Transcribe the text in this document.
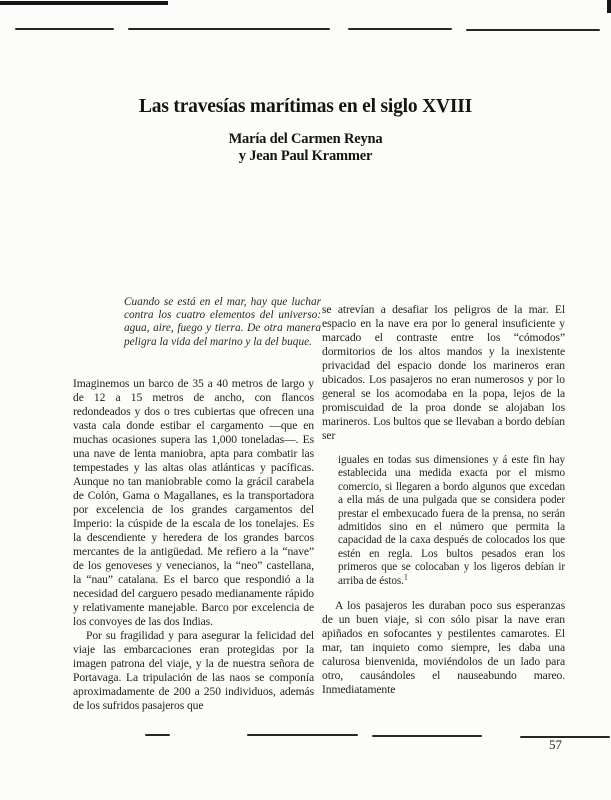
Las travesías marítimas en el siglo XVIII
María del Carmen Reyna
y Jean Paul Krammer
Cuando se está en el mar, hay que luchar contra los cuatro elementos del universo: agua, aire, fuego y tierra. De otra manera peligra la vida del marino y la del buque.

Imaginemos un barco de 35 a 40 metros de largo y de 12 a 15 metros de ancho, con flancos redondeados y dos o tres cubiertas que ofrecen una vasta cala donde estibar el cargamento —que en muchas ocasiones supera las 1,000 toneladas—. Es una nave de lenta maniobra, apta para combatir las tempestades y las altas olas atlánticas y pacíficas. Aunque no tan maniobrable como la grácil carabela de Colón, Gama o Magallanes, es la transportadora por excelencia de los grandes cargamentos del Imperio: la cúspide de la escala de los tonelajes. Es la descendiente y heredera de los grandes barcos mercantes de la antigüedad. Me refiero a la “nave” de los genoveses y venecianos, la “neo” castellana, la “nau” catalana. Es el barco que respondió a la necesidad del carguero pesado medianamente rápido y relativamente manejable. Barco por excelencia de los convoyes de las dos Indias.

Por su fragilidad y para asegurar la felicidad del viaje las embarcaciones eran protegidas por la imagen patrona del viaje, y la de nuestra señora de Portavaga. La tripulación de las naos se componía aproximadamente de 200 a 250 individuos, además de los sufridos pasajeros que

se atrevían a desafiar los peligros de la mar. El espacio en la nave era por lo general insuficiente y marcado el contraste entre los “cómodos” dormitorios de los altos mandos y la inexistente privacidad del espacio donde los marineros eran ubicados. Los pasajeros no eran numerosos y por lo general se los acomodaba en la popa, lejos de la promiscuidad de la proa donde se alojaban los marineros. Los bultos que se llevaban a bordo debían ser

iguales en todas sus dimensiones y á este fin hay establecida una medida exacta por el mismo comercio, si llegaren a bordo algunos que excedan a ella más de una pulgada que se considera poder prestar el embexucado fuera de la prensa, no serán admitidos sino en el número que permita la capacidad de la caxa después de colocados los que estén en regla. Los bultos pesados eran los primeros que se colocaban y los ligeros debían ir arriba de éstos.$^1$

A los pasajeros les duraban poco sus esperanzas de un buen viaje, si con sólo pisar la nave eran apiñados en sofocantes y pestilentes camarotes. El mar, tan inquieto como siempre, les daba una calurosa bienvenida, moviéndolos de un lado para otro, causándoles el nauseabundo mareo. Inmediatamente

57
